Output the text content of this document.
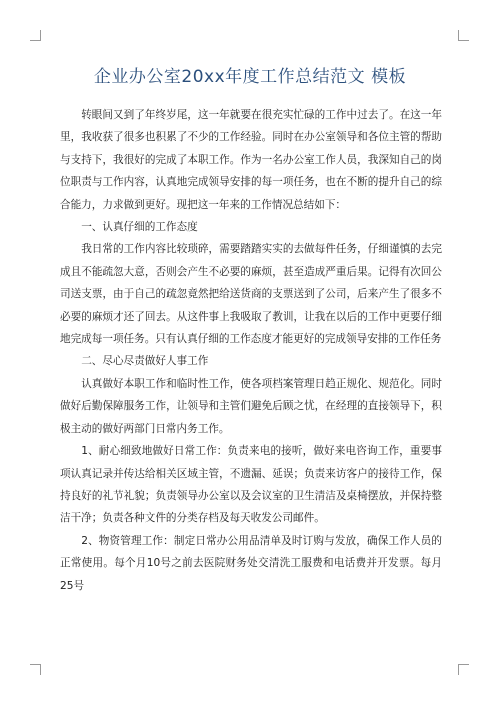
企业办公室20xx年度工作总结范文 模板

转眼间又到了年终岁尾，这一年就要在很充实忙碌的工作中过去了。在这一年里，我收获了很多也积累了不少的工作经验。同时在办公室领导和各位主管的帮助与支持下，我很好的完成了本职工作。作为一名办公室工作人员，我深知自己的岗位职责与工作内容，认真地完成领导安排的每一项任务，也在不断的提升自己的综合能力，力求做到更好。现把这一年来的工作情况总结如下：

一、认真仔细的工作态度

我日常的工作内容比较琐碎，需要踏踏实实的去做每件任务，仔细谨慎的去完成且不能疏忽大意，否则会产生不必要的麻烦，甚至造成严重后果。记得有次回公司送支票，由于自己的疏忽竟然把给送货商的支票送到了公司，后来产生了很多不必要的麻烦才还了回去。从这件事上我吸取了教训，让我在以后的工作中更要仔细地完成每一项任务。只有认真仔细的工作态度才能更好的完成领导安排的工作任务

二、尽心尽责做好人事工作

认真做好本职工作和临时性工作，使各项档案管理日趋正规化、规范化。同时做好后勤保障服务工作，让领导和主管们避免后顾之忧，在经理的直接领导下，积极主动的做好两部门日常内务工作。

1、耐心细致地做好日常工作：负责来电的接听，做好来电咨询工作，重要事项认真记录并传达给相关区域主管，不遗漏、延误；负责来访客户的接待工作，保持良好的礼节礼貌；负责领导办公室以及会议室的卫生清洁及桌椅摆放，并保持整洁干净；负责各种文件的分类存档及每天收发公司邮件。

2、物资管理工作：制定日常办公用品清单及时订购与发放，确保工作人员的正常使用。每个月10号之前去医院财务处交清洗工服费和电话费并开发票。每月25号
